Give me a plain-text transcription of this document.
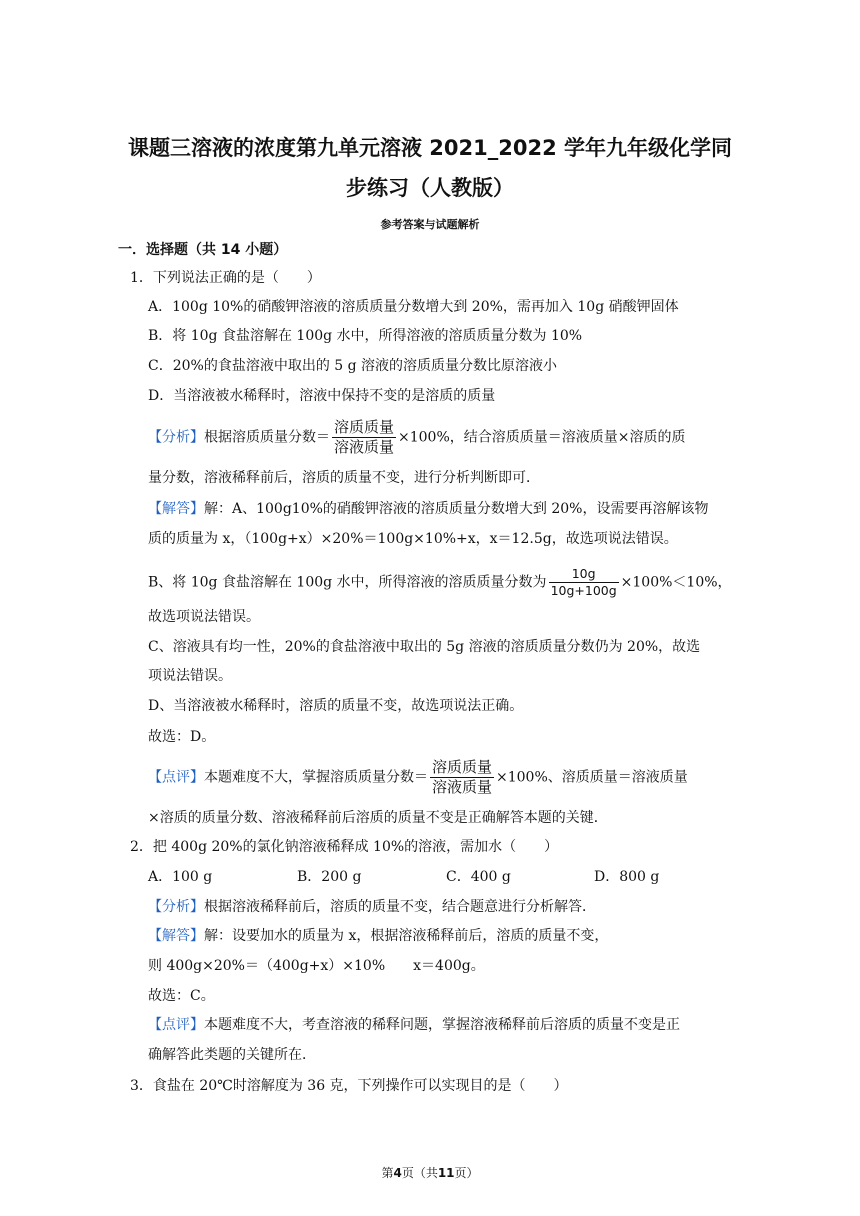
课题三溶液的浓度第九单元溶液 2021_2022 学年九年级化学同
步练习（人教版）
参考答案与试题解析
一．选择题（共 14 小题）
1．下列说法正确的是（　　）
A．100g 10%的硝酸钾溶液的溶质质量分数增大到 20%，需再加入 10g 硝酸钾固体
B．将 10g 食盐溶解在 100g 水中，所得溶液的溶质质量分数为 10%
C．20%的食盐溶液中取出的 5 g 溶液的溶质质量分数比原溶液小
D．当溶液被水稀释时，溶液中保持不变的是溶质的质量
【分析】根据溶质质量分数＝ $\frac{\text{溶质质量}}{\text{溶液质量}} \times 100\%$，结合溶质质量＝溶液质量×溶质的质
量分数，溶液稀释前后，溶质的质量不变，进行分析判断即可．
【解答】解：A、100g10%的硝酸钾溶液的溶质质量分数增大到 20%，设需要再溶解该物
质的质量为 x，（100g+x）×20%＝100g×10%+x，x＝12.5g，故选项说法错误。
B、将 10g 食盐溶解在 100g 水中，所得溶液的溶质质量分数为 $\frac{10g}{10g+100g} \times 100\%<10\%$，
故选项说法错误。
C、溶液具有均一性，20%的食盐溶液中取出的 5g 溶液的溶质质量分数仍为 20%，故选
项说法错误。
D、当溶液被水稀释时，溶质的质量不变，故选项说法正确。
故选：D。
【点评】本题难度不大，掌握溶质质量分数＝ $\frac{\text{溶质质量}}{\text{溶液质量}} \times 100\%$、溶质质量＝溶液质量
×溶质的质量分数、溶液稀释前后溶质的质量不变是正确解答本题的关键．
2．把 400g 20%的氯化钠溶液稀释成 10%的溶液，需加水（　　）
A．100 g	B．200 g	C．400 g	D．800 g
【分析】根据溶液稀释前后，溶质的质量不变，结合题意进行分析解答．
【解答】解：设要加水的质量为 x，根据溶液稀释前后，溶质的质量不变，
则 400g×20%＝（400g+x）×10%　　x＝400g。
故选：C。
【点评】本题难度不大，考查溶液的稀释问题，掌握溶液稀释前后溶质的质量不变是正
确解答此类题的关键所在．
3．食盐在 20℃时溶解度为 36 克，下列操作可以实现目的是（　　）
第4页（共11页）
